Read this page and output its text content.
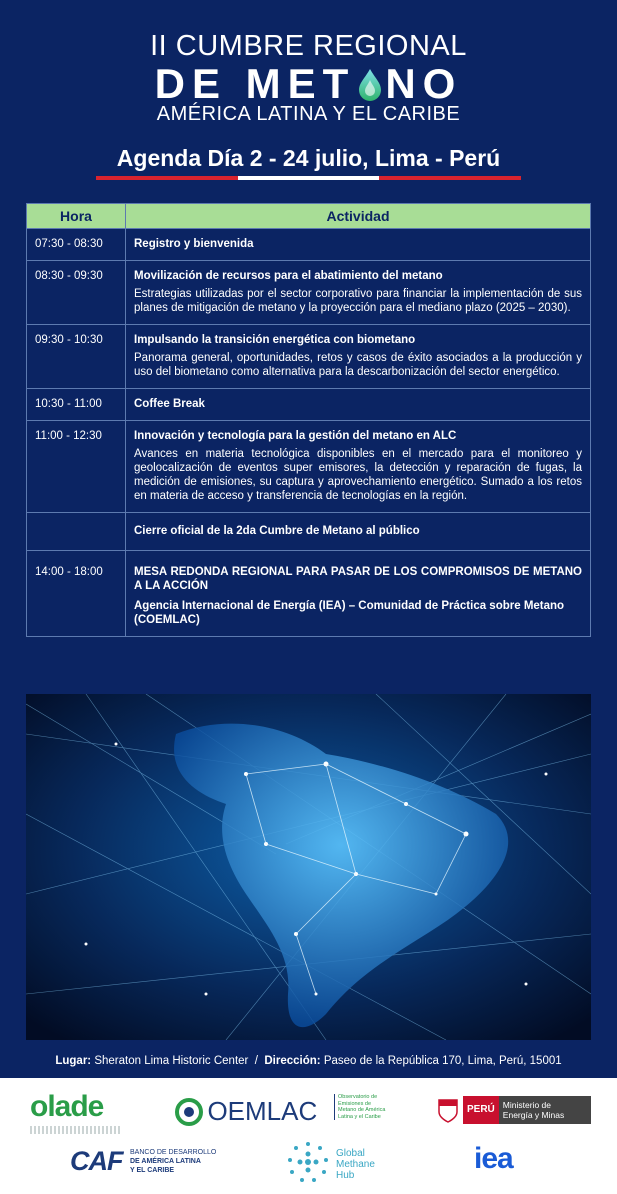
II CUMBRE REGIONAL
DE MET NO
AMÉRICA LATINA Y EL CARIBE
Agenda Día 2 - 24 julio, Lima - Perú
Hora	Actividad
07:30 - 08:30	Registro y bienvenida

08:30 - 09:30	Movilización de recursos para el abatimiento del metano
Estrategias utilizadas por el sector corporativo para financiar la implementación de sus planes de mitigación de metano y la proyección para el mediano plazo (2025 – 2030).

09:30 - 10:30	Impulsando la transición energética con biometano
Panorama general, oportunidades, retos y casos de éxito asociados a la producción y uso del biometano como alternativa para la descarbonización del sector energético.

10:30 - 11:00	Coffee Break

11:00 - 12:30	Innovación y tecnología para la gestión del metano en ALC
Avances en materia tecnológica disponibles en el mercado para el monitoreo y geolocalización de eventos super emisores, la detección y reparación de fugas, la medición de emisiones, su captura y aprovechamiento energético. Sumado a los retos en materia de acceso y transferencia de tecnologías en la región.

	Cierre oficial de la 2da Cumbre de Metano al público

14:00 - 18:00	MESA REDONDA REGIONAL PARA PASAR DE LOS COMPROMISOS DE METANO A LA ACCIÓN
Agencia Internacional de Energía (IEA) – Comunidad de Práctica sobre Metano (COEMLAC)
Lugar: Sheraton Lima Historic Center / Dirección: Paseo de la República 170, Lima, Perú, 15001
olade	OEMLAC	Observatorio de Emisiones de Metano de América Latina y el Caribe
PERÚ Ministerio de Energía y Minas
CAF BANCO DE DESARROLLO
DE AMÉRICA LATINA
Y EL CARIBE
Global Methane Hub
iea
